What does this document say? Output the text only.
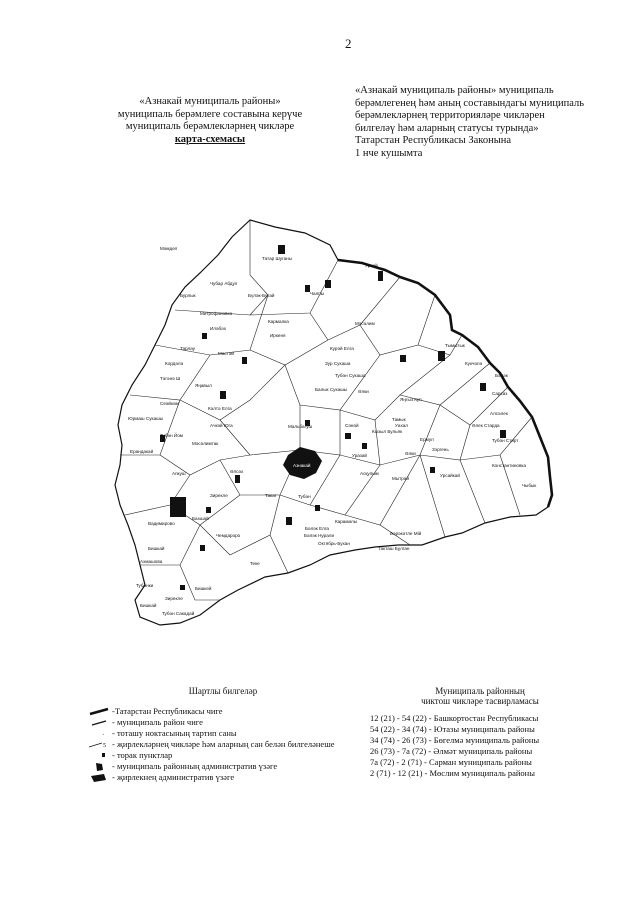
2
«Азнакай муниципаль районы»
муниципаль берәмлеге составына керүче
муниципаль берәмлекләрнең чикләре
карта-схемасы
«Азнакай муниципаль районы» муниципаль
берәмлегенең һәм аның составындагы муниципаль
берәмлекләрнең территорияләре чикләрен
билгеләү һәм аларның статусы турында»
Татарстан Республикасы Законына
1 нче кушымта
Татар Шуганы
Мәмдел
Чубар Абдул
Бүләк-Бутай	Чалпы
Урсай
Бурлык
Митрофановка
Кармалка
Иләбәх
Мәсәлим
Иркеня
Тарлау
Кордәлә
Мастәй
Тәгәнә Ш
Курәй Елга
Тымытык
Кукчәлә
Зур Сукаша
Бәләк
Тубән Сукаша
Сарсаз
Яңавыл
Балык Сукашы
Сеәйкәм
Әлки
Яңгыз Куп
Әлек Старда
Кәлтә Елга
Алсәлек
Тубән Стирт
Юрмаш Сукашы
Ачкәй Юга	Мальбагуш	Сәнәй
Кызыл Бульяк
Тамык
Уахал
Тубән Йом
Ерандакай	Зэргень
Мәсәлимтак
Ермул
Әлки
Константиновка
Азнакай
Уразай
Чыбык
Асқулым
Мытрәй
Урсайкай
Апкуш	Әлсәх
Такат	Тубән
Зирекле
Бахшай
Карамалы
Бәләк Елга
Вадимирово
Чемдароро	Бәрәкәтле Мій
Бәләк Нурали
Октябрь-Бухан
Бишкай	Такташ Бұлган
Ахмашова
Тубәнки
Зирекле
Тубән Сакадай
Бишкай
Бишкей
Теке
Шартлы билгеләр
-Татарстан Республикасы чиге
- муниципаль район чиге
· - тоташу ноктасының тартип саны
5 - җирлекләрнең чикләре һәм аларның сан белән билгеләнеше
- торак пунктлар
- муниципаль районның административ үзәге
- җирлекнең административ үзәге
Муниципаль районның
чиктош чикләре тасвирламасы
12 (21) - 54 (22) - Башкортостан Республикасы
54 (22) - 34 (74) - Ютазы муниципаль районы
34 (74) - 26 (73) - Бөгелмә муниципаль районы
26 (73) - 7а (72) - Әлмәт муниципаль районы
7а (72) - 2 (71) - Сарман муниципаль районы
2 (71) - 12 (21) - Мөслим муниципаль районы
